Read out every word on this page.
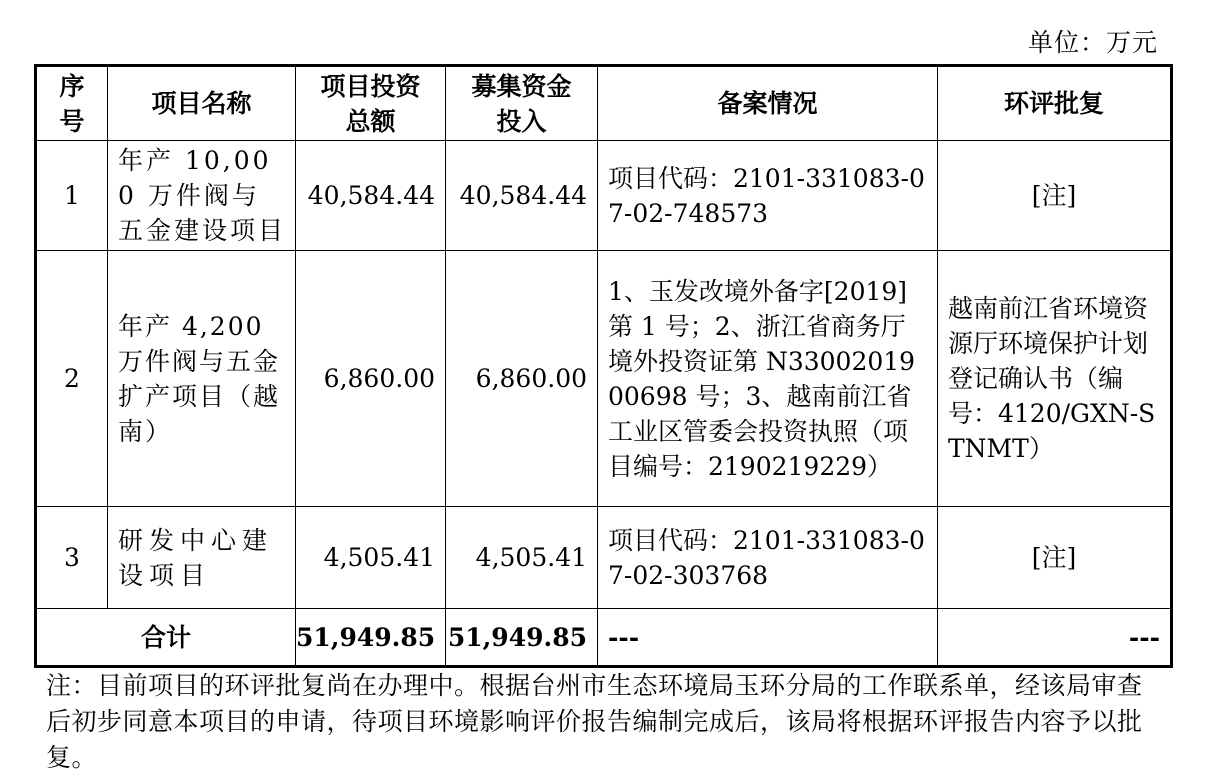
单位：万元
序号	项目名称	项目投资总额	募集资金投入	备案情况	环评批复
1	年产 10,000 万件阀与五金建设项目	40,584.44	40,584.44	项目代码：2101-331083-07-02-748573	[注]
2	年产 4,200 万件阀与五金扩产项目（越南）	6,860.00	6,860.00	1、玉发改境外备字[2019]第 1 号；2、浙江省商务厅境外投资证第 N3300201900698 号；3、越南前江省工业区管委会投资执照（项目编号：2190219229）	越南前江省环境资源厅环境保护计划登记确认书（编号：4120/GXN-STNMT）
3	研发中心建设项目	4,505.41	4,505.41	项目代码：2101-331083-07-02-303768	[注]
合计		51,949.85	51,949.85	---	---
注：目前项目的环评批复尚在办理中。根据台州市生态环境局玉环分局的工作联系单，经该局审查后初步同意本项目的申请，待项目环境影响评价报告编制完成后，该局将根据环评报告内容予以批复。
